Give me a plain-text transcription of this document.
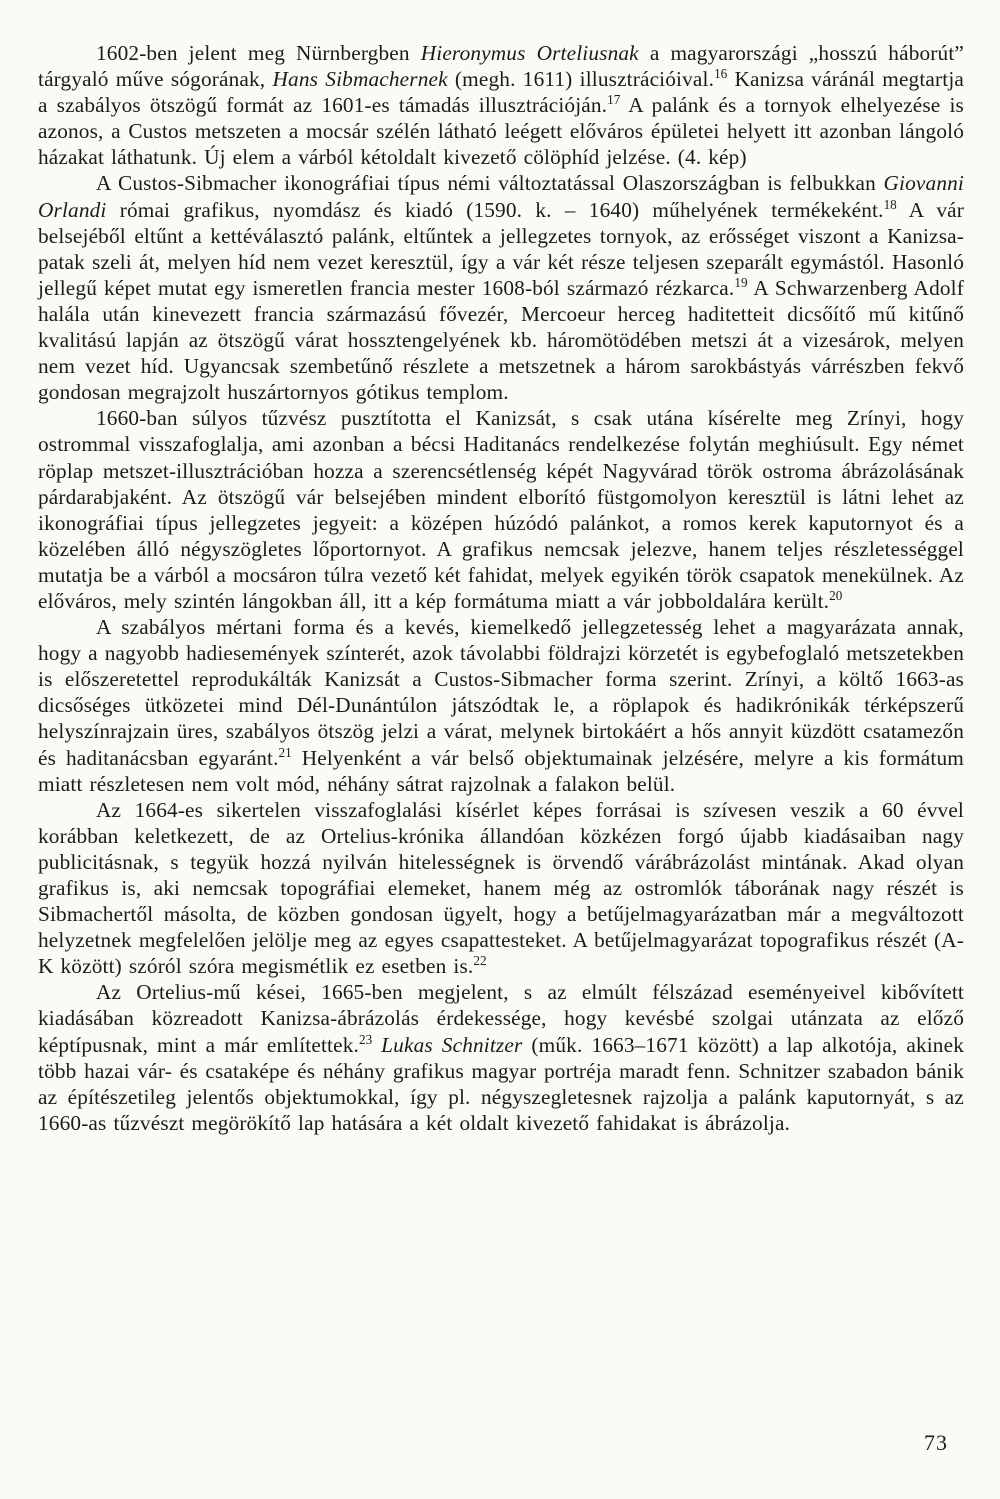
1602-ben jelent meg Nürnbergben Hieronymus Orteliusnak a magyarországi „hosszú háborút” tárgyaló műve sógorának, Hans Sibmachernek (megh. 1611) illusztrációival.$^{16}$ Kanizsa váránál megtartja a szabályos ötszögű formát az 1601-es támadás illusztrációján.$^{17}$ A palánk és a tornyok elhelyezése is azonos, a Custos metszeten a mocsár szélén látható leégett előváros épületei helyett itt azonban lángoló házakat láthatunk. Új elem a várból kétoldalt kivezető cölöphíd jelzése. (4. kép)

A Custos-Sibmacher ikonográfiai típus némi változtatással Olaszországban is felbukkan Giovanni Orlandi római grafikus, nyomdász és kiadó (1590. k. – 1640) műhelyének termékeként.$^{18}$ A vár belsejéből eltűnt a kettéválasztó palánk, eltűntek a jellegzetes tornyok, az erősséget viszont a Kanizsa-patak szeli át, melyen híd nem vezet keresztül, így a vár két része teljesen szeparált egymástól. Hasonló jellegű képet mutat egy ismeretlen francia mester 1608-ból származó rézkarca.$^{19}$ A Schwarzenberg Adolf halála után kinevezett francia származású fővezér, Mercoeur herceg haditetteit dicsőítő mű kitűnő kvalitású lapján az ötszögű várat hossztengelyének kb. háromötödében metszi át a vizesárok, melyen nem vezet híd. Ugyancsak szembetűnő részlete a metszetnek a három sarokbástyás várrészben fekvő gondosan megrajzolt huszártornyos gótikus templom.

1660-ban súlyos tűzvész pusztította el Kanizsát, s csak utána kísérelte meg Zrínyi, hogy ostrommal visszafoglalja, ami azonban a bécsi Haditanács rendelkezése folytán meghiúsult. Egy német röplap metszet-illusztrációban hozza a szerencsétlenség képét Nagyvárad török ostroma ábrázolásának párdarabjaként. Az ötszögű vár belsejében mindent elborító füstgomolyon keresztül is látni lehet az ikonográfiai típus jellegzetes jegyeit: a középen húzódó palánkot, a romos kerek kaputornyot és a közelében álló négyszögletes lőportornyot. A grafikus nemcsak jelezve, hanem teljes részletességgel mutatja be a várból a mocsáron túlra vezető két fahidat, melyek egyikén török csapatok menekülnek. Az előváros, mely szintén lángokban áll, itt a kép formátuma miatt a vár jobboldalára került.$^{20}$

A szabályos mértani forma és a kevés, kiemelkedő jellegzetesség lehet a magyarázata annak, hogy a nagyobb hadiesemények színterét, azok távolabbi földrajzi körzetét is egybefoglaló metszetekben is előszeretettel reprodukálták Kanizsát a Custos-Sibmacher forma szerint. Zrínyi, a költő 1663-as dicsőséges ütközetei mind Dél-Dunántúlon játszódtak le, a röplapok és hadikrónikák térképszerű helyszínrajzain üres, szabályos ötszög jelzi a várat, melynek birtokáért a hős annyit küzdött csatamezőn és haditanácsban egyaránt.$^{21}$ Helyenként a vár belső objektumainak jelzésére, melyre a kis formátum miatt részletesen nem volt mód, néhány sátrat rajzolnak a falakon belül.

Az 1664-es sikertelen visszafoglalási kísérlet képes forrásai is szívesen veszik a 60 évvel korábban keletkezett, de az Ortelius-krónika állandóan közkézen forgó újabb kiadásaiban nagy publicitásnak, s tegyük hozzá nyilván hitelességnek is örvendő várábrázolást mintának. Akad olyan grafikus is, aki nemcsak topográfiai elemeket, hanem még az ostromlók táborának nagy részét is Sibmachertől másolta, de közben gondosan ügyelt, hogy a betűjelmagyarázatban már a megváltozott helyzetnek megfelelően jelölje meg az egyes csapattesteket. A betűjelmagyarázat topografikus részét (A-K között) szóról szóra megismétlik ez esetben is.$^{22}$

Az Ortelius-mű kései, 1665-ben megjelent, s az elmúlt félszázad eseményeivel kibővített kiadásában közreadott Kanizsa-ábrázolás érdekessége, hogy kevésbé szolgai utánzata az előző képtípusnak, mint a már említettek.$^{23}$ Lukas Schnitzer (műk. 1663–1671 között) a lap alkotója, akinek több hazai vár- és csataképe és néhány grafikus magyar portréja maradt fenn. Schnitzer szabadon bánik az építészetileg jelentős objektumokkal, így pl. négyszegletesnek rajzolja a palánk kaputornyát, s az 1660-as tűzvészt megörökítő lap hatására a két oldalt kivezető fahidakat is ábrázolja.

73
